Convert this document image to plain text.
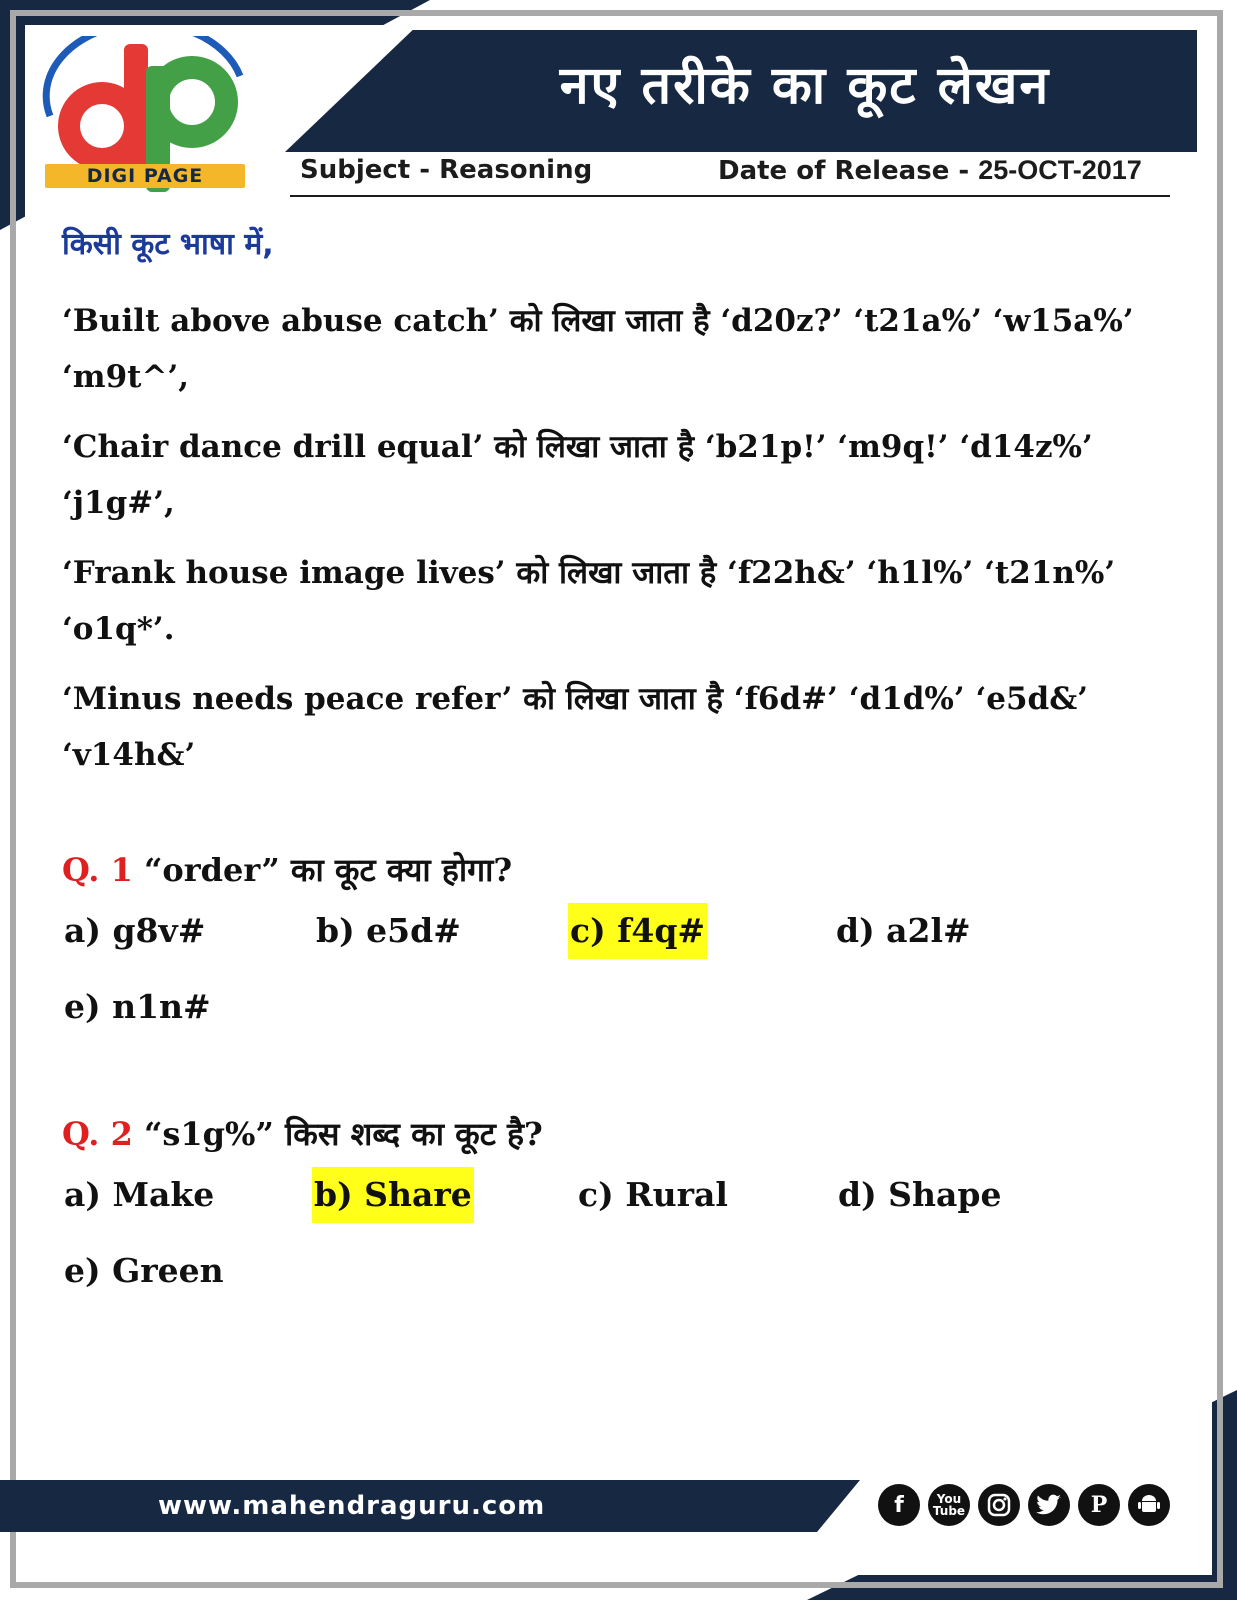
नए तरीके का कूट लेखन
DIGI PAGE	Subject - Reasoning	Date of Release - 25-OCT-2017
किसी कूट भाषा में,
‘Built above abuse catch’ को लिखा जाता है ‘d20z?’ ‘t21a%’ ‘w15a%’ ‘m9t^’,
‘Chair dance drill equal’ को लिखा जाता है ‘b21p!’ ‘m9q!’ ‘d14z%’ ‘j1g#’,
‘Frank house image lives’ को लिखा जाता है ‘f22h&’ ‘h1l%’ ‘t21n%’ ‘o1q*’.
‘Minus needs peace refer’ को लिखा जाता है ‘f6d#’ ‘d1d%’ ‘e5d&’ ‘v14h&’
Q. 1 “order” का कूट क्या होगा?
a) g8v#	b) e5d#	c) f4q#	d) a2l#
e) n1n#
Q. 2 “s1g%” किस शब्द का कूट है?
a) Make	b) Share	c) Rural	d) Shape
e) Green
www.mahendraguru.com	f	You
Tube	P
